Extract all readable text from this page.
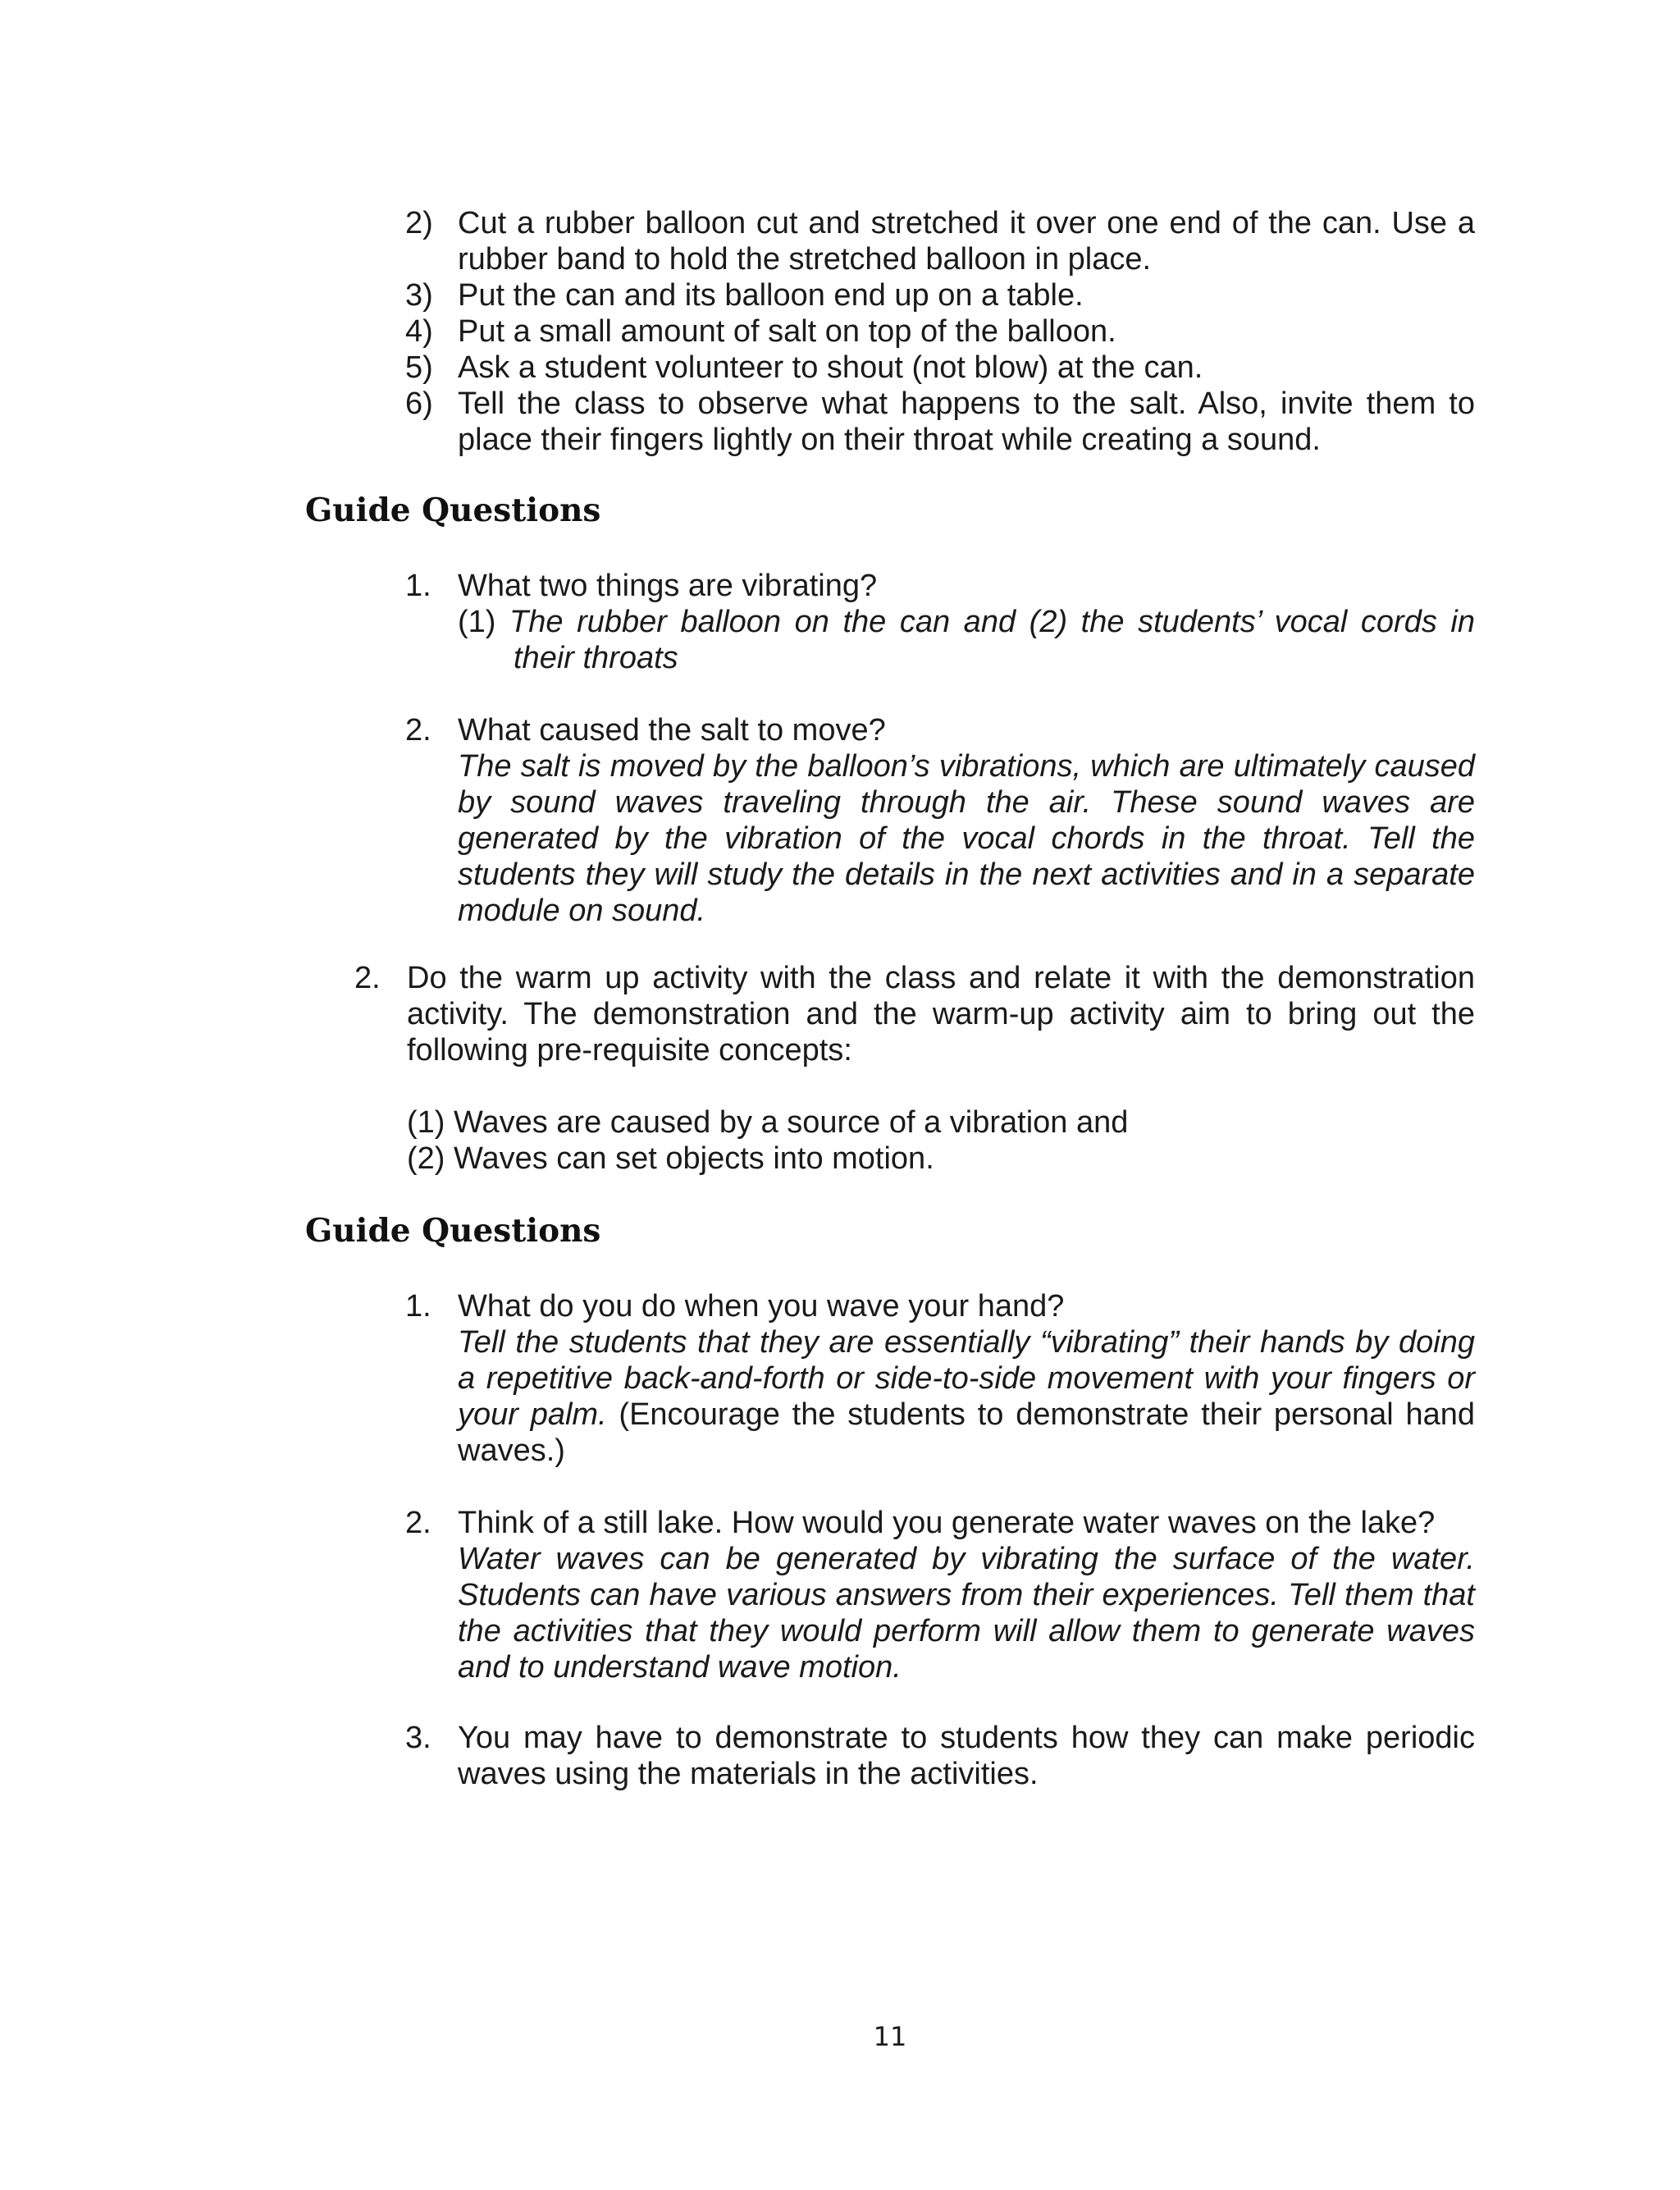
2) Cut a rubber balloon cut and stretched it over one end of the can. Use a rubber band to hold the stretched balloon in place.
3) Put the can and its balloon end up on a table.
4) Put a small amount of salt on top of the balloon.
5) Ask a student volunteer to shout (not blow) at the can.
6) Tell the class to observe what happens to the salt. Also, invite them to place their fingers lightly on their throat while creating a sound.
Guide Questions
1. What two things are vibrating?
(1) The rubber balloon on the can and (2) the students’ vocal cords in their throats
2. What caused the salt to move?
The salt is moved by the balloon’s vibrations, which are ultimately caused by sound waves traveling through the air. These sound waves are generated by the vibration of the vocal chords in the throat. Tell the students they will study the details in the next activities and in a separate module on sound.
2. Do the warm up activity with the class and relate it with the demonstration activity. The demonstration and the warm-up activity aim to bring out the following pre-requisite concepts:
(1) Waves are caused by a source of a vibration and
(2) Waves can set objects into motion.
Guide Questions
1. What do you do when you wave your hand?
Tell the students that they are essentially “vibrating” their hands by doing a repetitive back-and-forth or side-to-side movement with your fingers or your palm. (Encourage the students to demonstrate their personal hand waves.)
2. Think of a still lake. How would you generate water waves on the lake?
Water waves can be generated by vibrating the surface of the water. Students can have various answers from their experiences. Tell them that the activities that they would perform will allow them to generate waves and to understand wave motion.
3. You may have to demonstrate to students how they can make periodic waves using the materials in the activities.
11
